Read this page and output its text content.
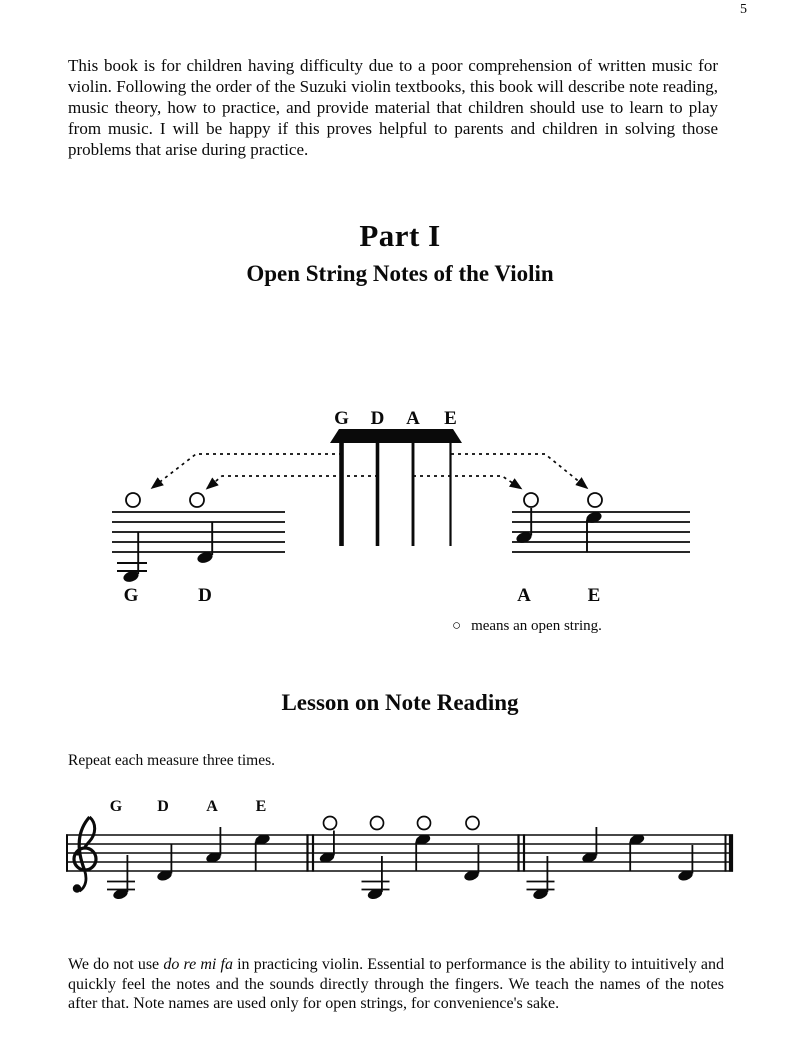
5

This book is for children having difficulty due to a poor comprehension of written music for violin. Following the order of the Suzuki violin textbooks, this book will describe note reading, music theory, how to practice, and provide material that children should use to learn to play from music. I will be happy if this proves helpful to parents and children in solving those problems that arise during practice.

Part I
Open String Notes of the Violin
G D A E
G	D	A	E
○ means an open string.
Lesson on Note Reading

Repeat each measure three times.

G D A E

We do not use do re mi fa in practicing violin. Essential to performance is the ability to intuitively and quickly feel the notes and the sounds directly through the fingers. We teach the names of the notes after that. Note names are used only for open strings, for convenience's sake.
